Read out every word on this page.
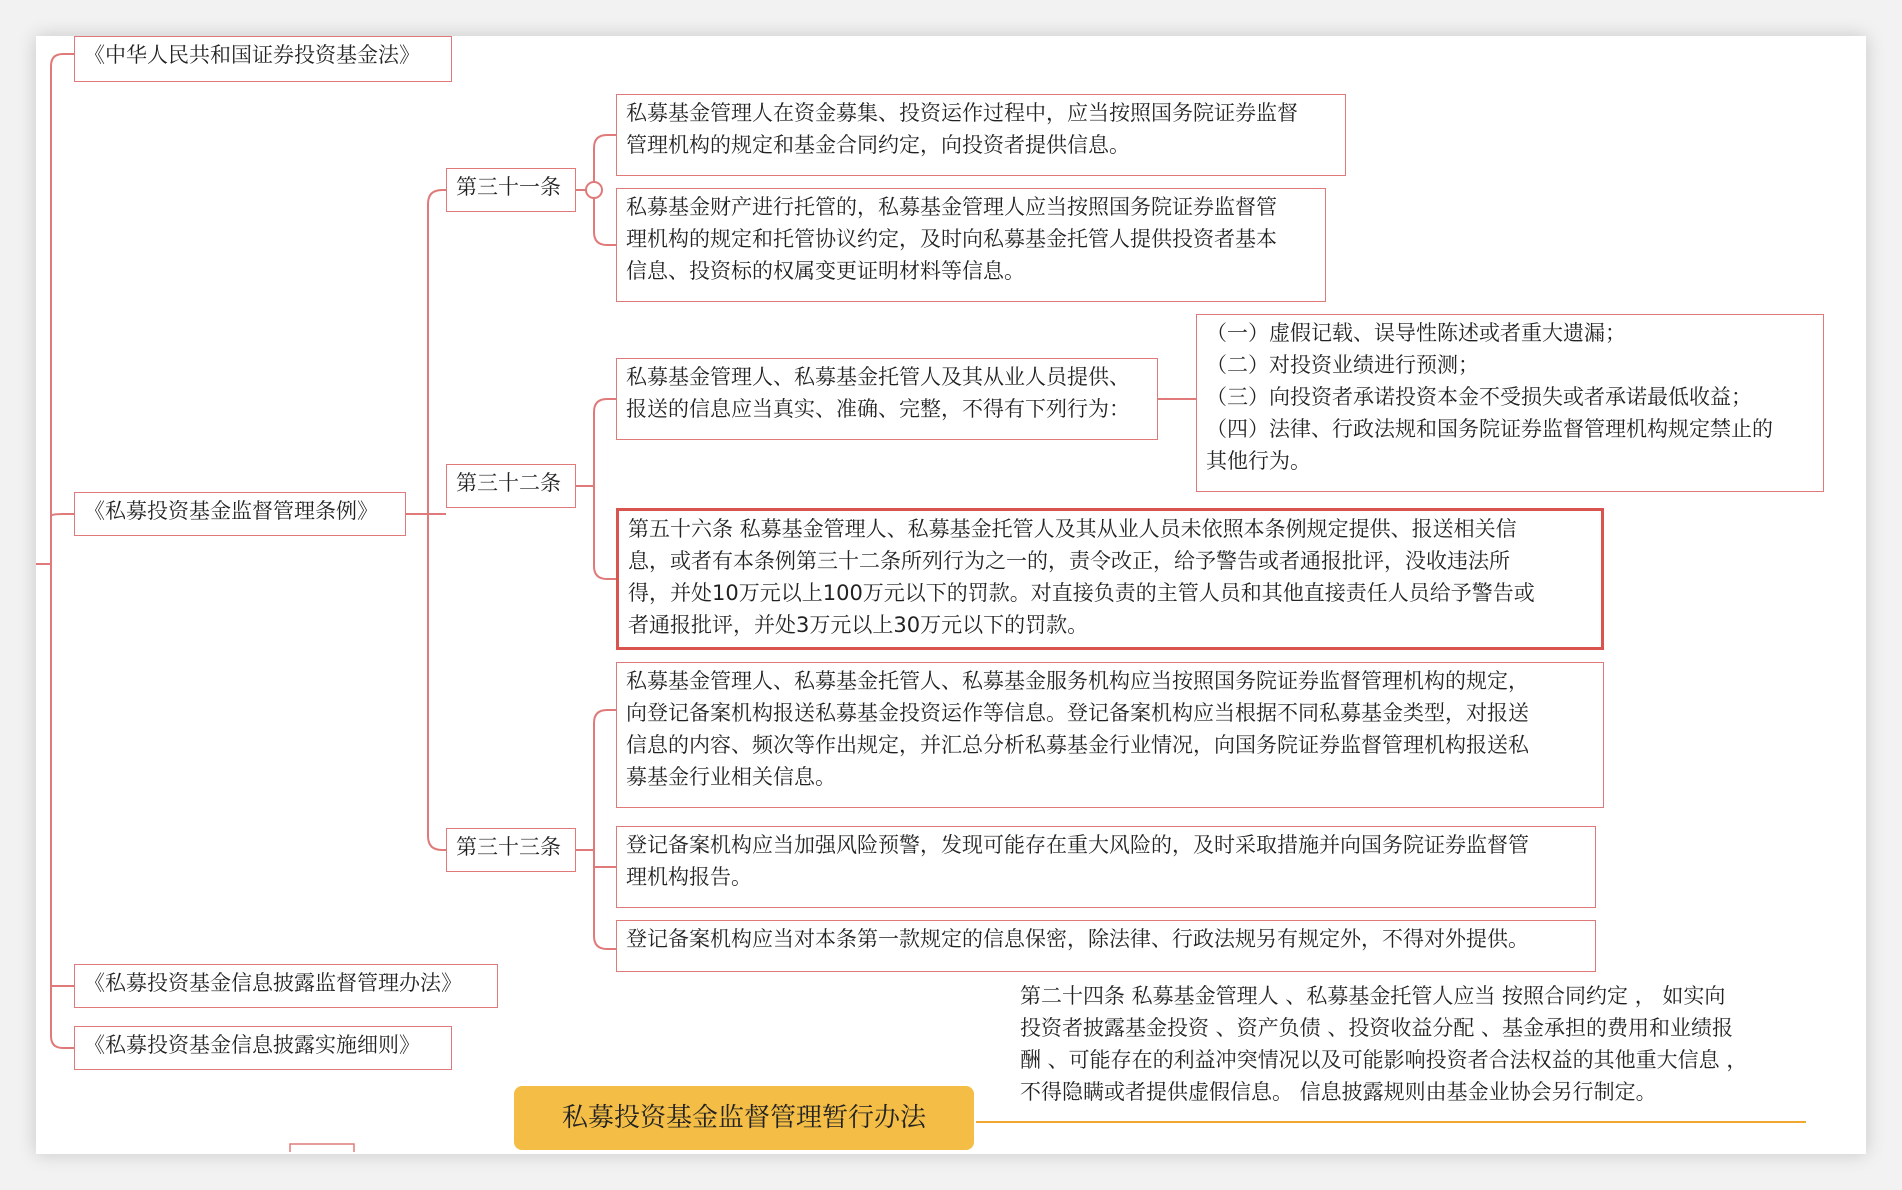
《中华人民共和国证券投资基金法》
《私募投资基金监督管理条例》
《私募投资基金信息披露监督管理办法》
《私募投资基金信息披露实施细则》
第三十一条
第三十二条
第三十三条
私募基金管理人在资金募集、投资运作过程中，应当按照国务院证券监督
管理机构的规定和基金合同约定，向投资者提供信息。
私募基金财产进行托管的，私募基金管理人应当按照国务院证券监督管
理机构的规定和托管协议约定，及时向私募基金托管人提供投资者基本
信息、投资标的权属变更证明材料等信息。
私募基金管理人、私募基金托管人及其从业人员提供、
报送的信息应当真实、准确、完整，不得有下列行为：
（一）虚假记载、误导性陈述或者重大遗漏；
（二）对投资业绩进行预测；
（三）向投资者承诺投资本金不受损失或者承诺最低收益；
（四）法律、行政法规和国务院证券监督管理机构规定禁止的
其他行为。
第五十六条 私募基金管理人、私募基金托管人及其从业人员未依照本条例规定提供、报送相关信
息，或者有本条例第三十二条所列行为之一的，责令改正，给予警告或者通报批评，没收违法所
得，并处10万元以上100万元以下的罚款。对直接负责的主管人员和其他直接责任人员给予警告或
者通报批评，并处3万元以上30万元以下的罚款。
私募基金管理人、私募基金托管人、私募基金服务机构应当按照国务院证券监督管理机构的规定，
向登记备案机构报送私募基金投资运作等信息。登记备案机构应当根据不同私募基金类型，对报送
信息的内容、频次等作出规定，并汇总分析私募基金行业情况，向国务院证券监督管理机构报送私
募基金行业相关信息。
登记备案机构应当加强风险预警，发现可能存在重大风险的，及时采取措施并向国务院证券监督管
理机构报告。
登记备案机构应当对本条第一款规定的信息保密，除法律、行政法规另有规定外，不得对外提供。
第二十四条 私募基金管理人 、私募基金托管人应当 按照合同约定 ， 如实向
投资者披露基金投资 、资产负债 、投资收益分配 、基金承担的费用和业绩报
酬 、可能存在的利益冲突情况以及可能影响投资者合法权益的其他重大信息 ，
不得隐瞒或者提供虚假信息。 信息披露规则由基金业协会另行制定。
私募投资基金监督管理暂行办法
